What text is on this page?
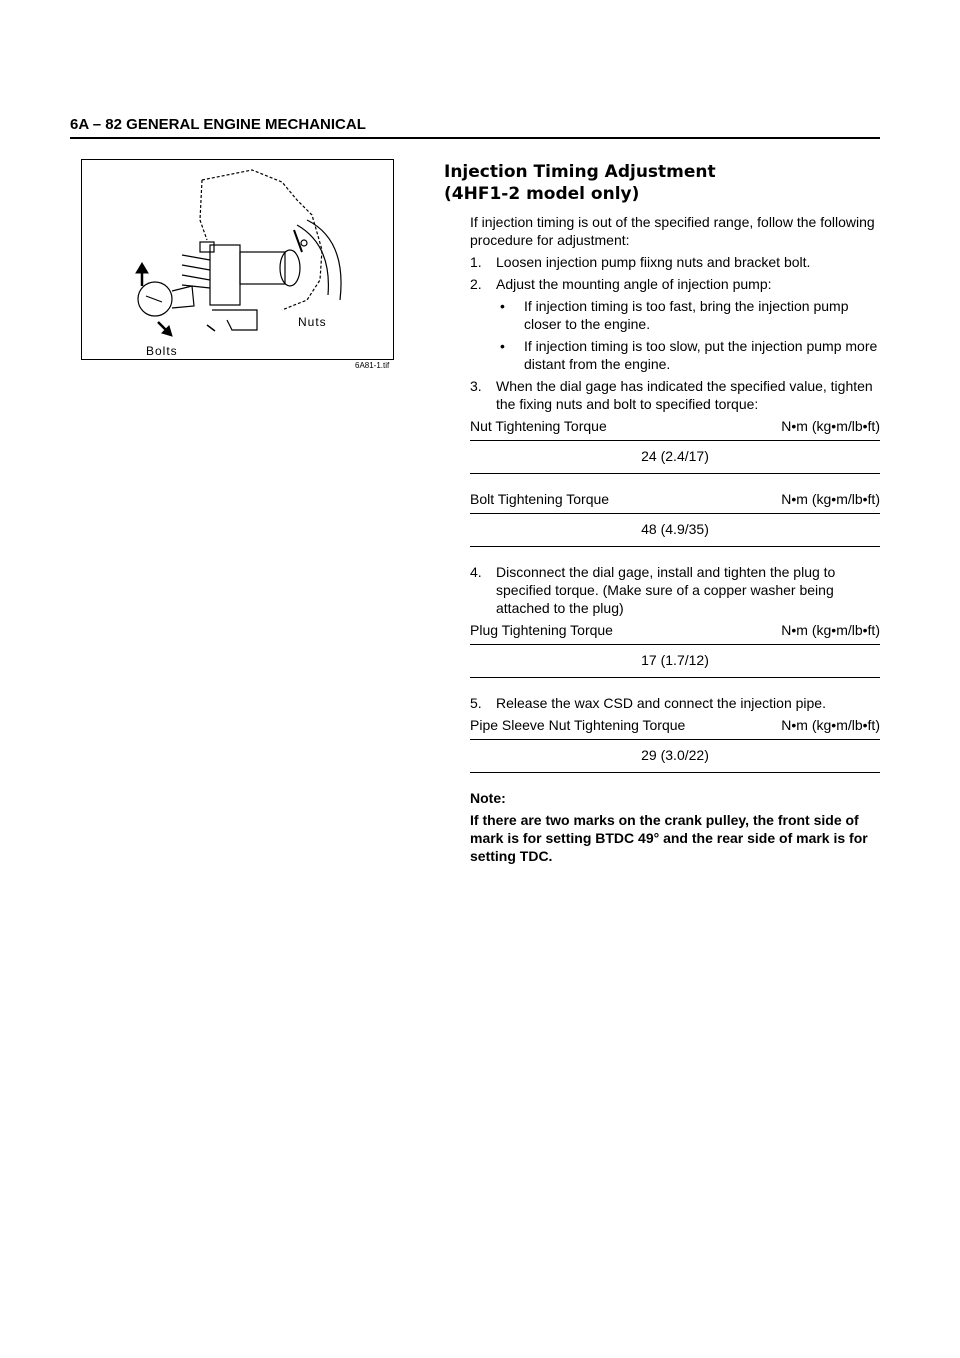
6A – 82 GENERAL ENGINE MECHANICAL
Nuts
Bolts
6A81-1.tif
Injection Timing Adjustment
(4HF1-2 model only)
If injection timing is out of the specified range, follow the following procedure for adjustment:
1. Loosen injection pump fiixng nuts and bracket bolt.
2. Adjust the mounting angle of injection pump:
• If injection timing is too fast, bring the injection pump closer to the engine.
• If injection timing is too slow, put the injection pump more distant from the engine.
3. When the dial gage has indicated the specified value, tighten the fixing nuts and bolt to specified torque:
Nut Tightening Torque	N•m (kg•m/lb•ft)
24 (2.4/17)
Bolt Tightening Torque	N•m (kg•m/lb•ft)
48 (4.9/35)
4. Disconnect the dial gage, install and tighten the plug to specified torque. (Make sure of a copper washer being attached to the plug)
Plug Tightening Torque	N•m (kg•m/lb•ft)
17 (1.7/12)
5. Release the wax CSD and connect the injection pipe.
Pipe Sleeve Nut Tightening Torque	N•m (kg•m/lb•ft)
29 (3.0/22)
Note:
If there are two marks on the crank pulley, the front side of mark is for setting BTDC 49° and the rear side of mark is for setting TDC.
